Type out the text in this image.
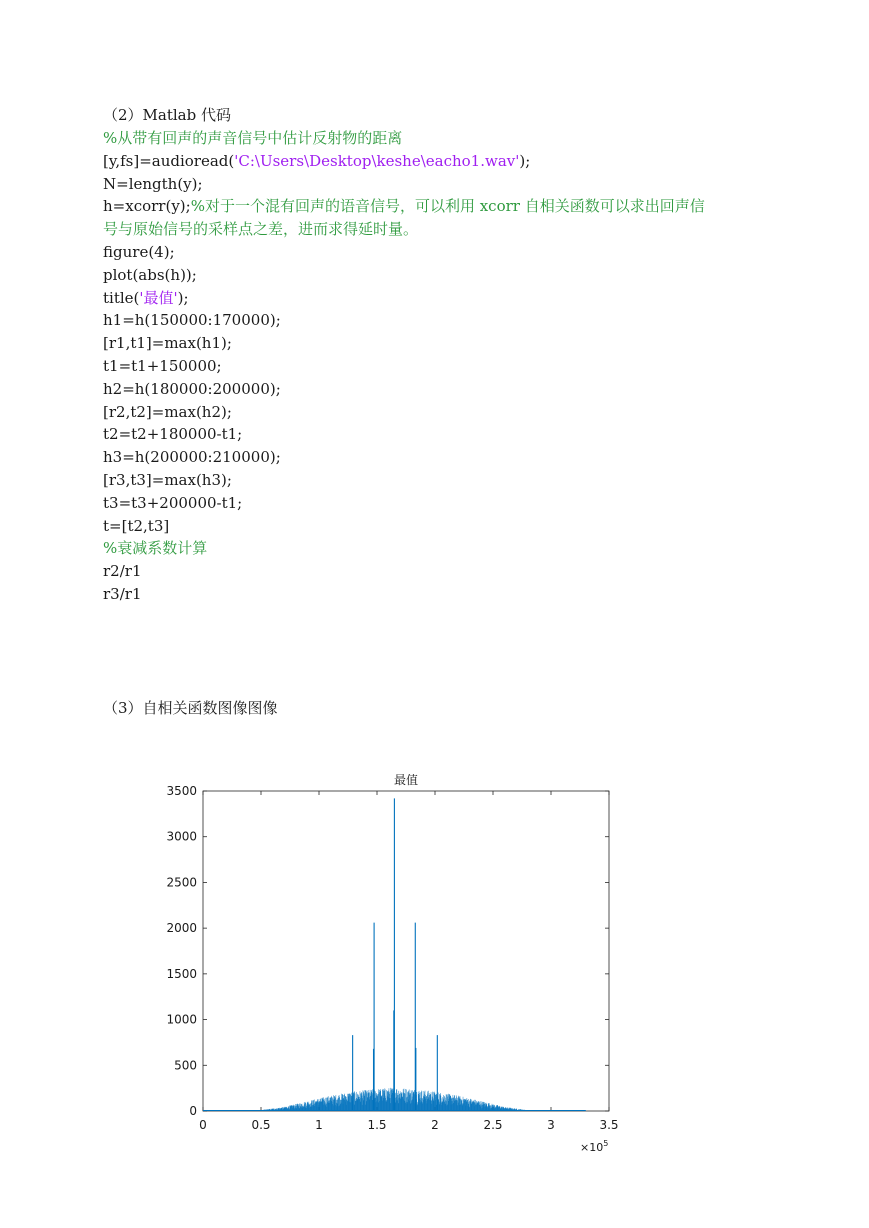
（2）Matlab 代码
%从带有回声的声音信号中估计反射物的距离
[y,fs]=audioread('C:\Users\Desktop\keshe\eacho1.wav');
N=length(y);
h=xcorr(y);%对于一个混有回声的语音信号，可以利用 xcorr 自相关函数可以求出回声信
号与原始信号的采样点之差，进而求得延时量。
figure(4);
plot(abs(h));
title('最值');
h1=h(150000:170000);
[r1,t1]=max(h1);
t1=t1+150000;
h2=h(180000:200000);
[r2,t2]=max(h2);
t2=t2+180000-t1;
h3=h(200000:210000);
[r3,t3]=max(h3);
t3=t3+200000-t1;
t=[t2,t3]
%衰减系数计算
r2/r1
r3/r1
（3）自相关函数图像图像
最值
0	0.5	1	1.5	2	2.5	3	3.5
0
500
1000
1500
2000
2500
3000
3500
$\times 10^5$
